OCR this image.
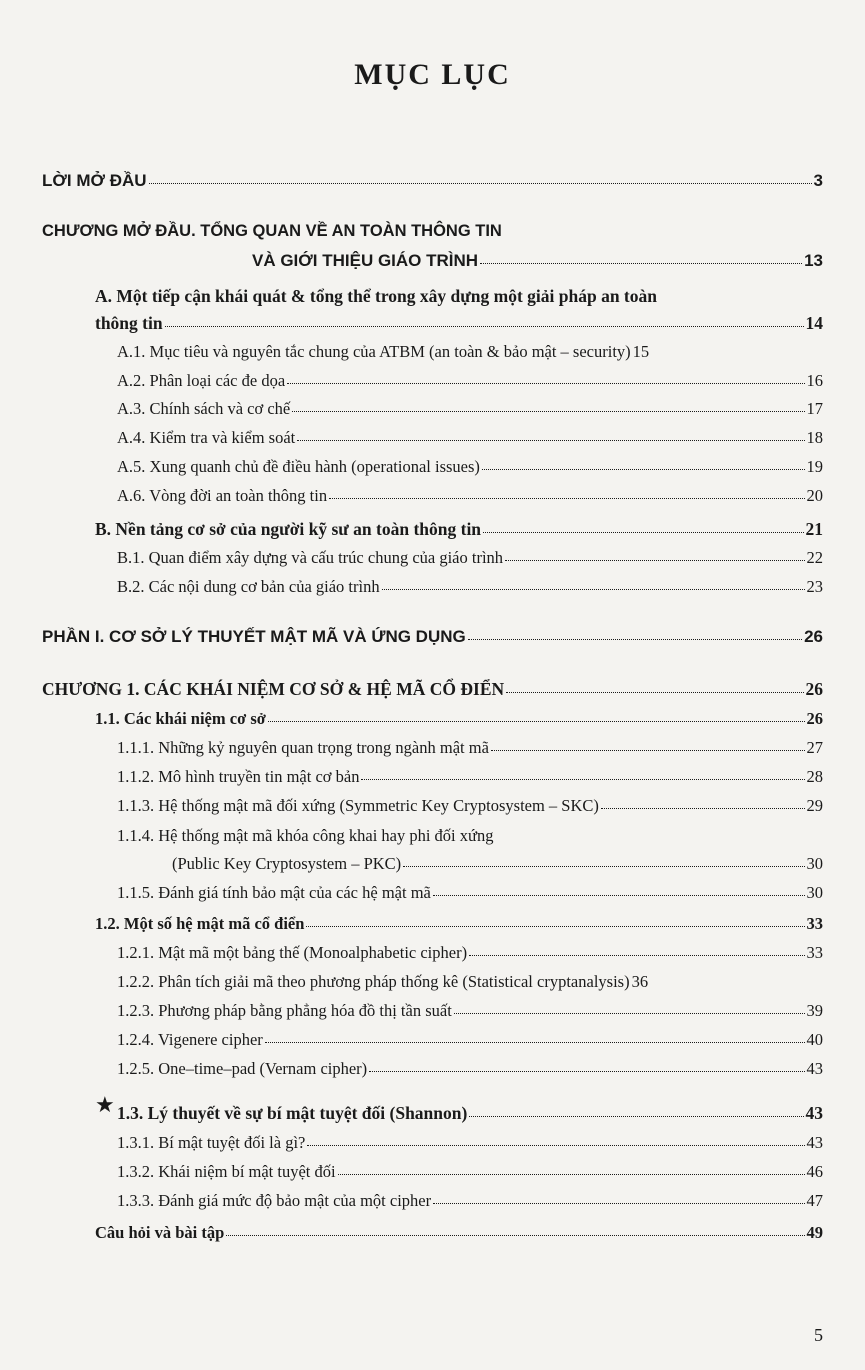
MỤC LỤC
LỜI MỞ ĐẦU	3
CHƯƠNG MỞ ĐẦU. TỔNG QUAN VỀ AN TOÀN THÔNG TIN
VÀ GIỚI THIỆU GIÁO TRÌNH	13
A. Một tiếp cận khái quát & tổng thể trong xây dựng một giải pháp an toàn
thông tin	14
A.1. Mục tiêu và nguyên tắc chung của ATBM (an toàn & bảo mật – security) 15
A.2. Phân loại các đe dọa	16
A.3. Chính sách và cơ chế	17
A.4. Kiểm tra và kiểm soát	18
A.5. Xung quanh chủ đề điều hành (operational issues)	19
A.6. Vòng đời an toàn thông tin	20
B. Nền tảng cơ sở của người kỹ sư an toàn thông tin	21
B.1. Quan điểm xây dựng và cấu trúc chung của giáo trình	22
B.2. Các nội dung cơ bản của giáo trình	23
PHẦN I. CƠ SỞ LÝ THUYẾT MẬT MÃ VÀ ỨNG DỤNG	26
CHƯƠNG 1. CÁC KHÁI NIỆM CƠ SỞ & HỆ MÃ CỔ ĐIỂN	26
1.1. Các khái niệm cơ sở	26
1.1.1. Những kỷ nguyên quan trọng trong ngành mật mã	27
1.1.2. Mô hình truyền tin mật cơ bản	28
1.1.3. Hệ thống mật mã đối xứng (Symmetric Key Cryptosystem – SKC)	29
1.1.4. Hệ thống mật mã khóa công khai hay phi đối xứng
(Public Key Cryptosystem – PKC)	30
1.1.5. Đánh giá tính bảo mật của các hệ mật mã	30
1.2. Một số hệ mật mã cổ điển	33
1.2.1. Mật mã một bảng thế (Monoalphabetic cipher)	33
1.2.2. Phân tích giải mã theo phương pháp thống kê (Statistical cryptanalysis) 36
1.2.3. Phương pháp bằng phẳng hóa đồ thị tần suất	39
1.2.4. Vigenere cipher	40
1.2.5. One–time–pad (Vernam cipher)	43
★ 1.3. Lý thuyết về sự bí mật tuyệt đối (Shannon)	43
1.3.1. Bí mật tuyệt đối là gì?	43
1.3.2. Khái niệm bí mật tuyệt đối	46
1.3.3. Đánh giá mức độ bảo mật của một cipher	47
Câu hỏi và bài tập	49
5
